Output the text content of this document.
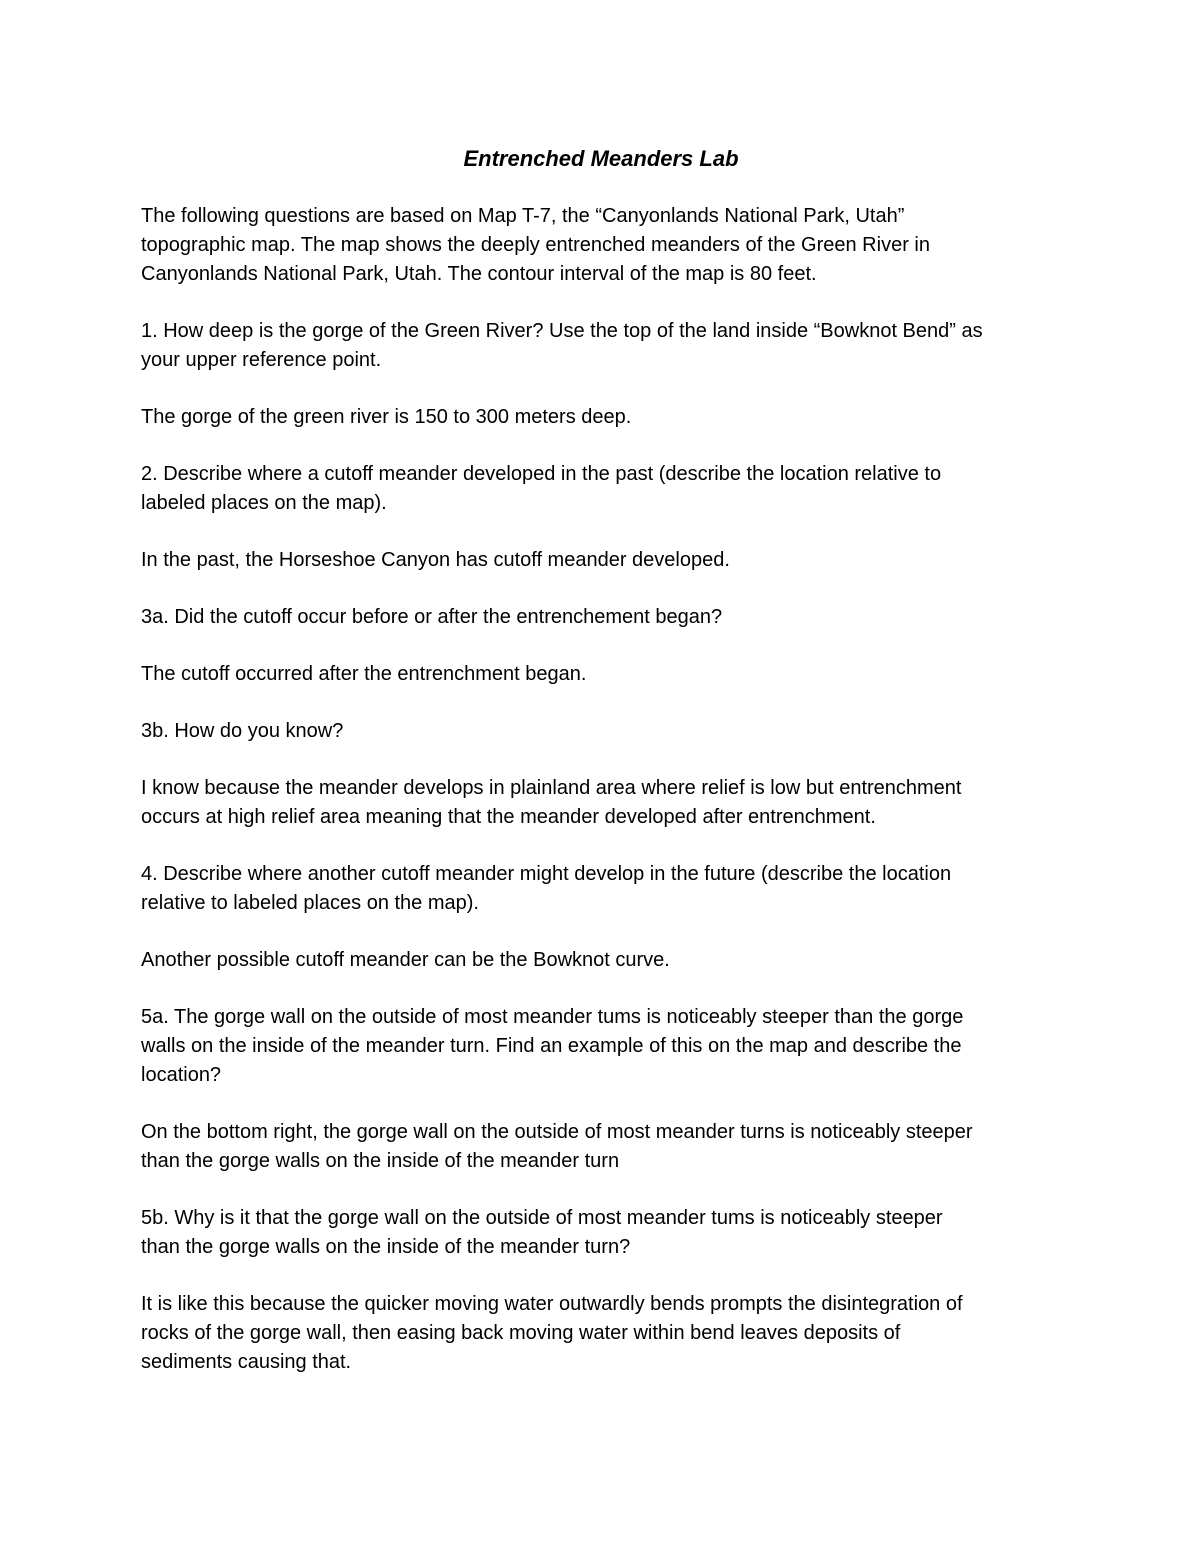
Entrenched Meanders Lab
The following questions are based on Map T-7, the “Canyonlands National Park, Utah”
topographic map. The map shows the deeply entrenched meanders of the Green River in
Canyonlands National Park, Utah. The contour interval of the map is 80 feet.
1. How deep is the gorge of the Green River? Use the top of the land inside “Bowknot Bend” as
your upper reference point.
The gorge of the green river is 150 to 300 meters deep.
2. Describe where a cutoff meander developed in the past (describe the location relative to
labeled places on the map).
In the past, the Horseshoe Canyon has cutoff meander developed.
3a. Did the cutoff occur before or after the entrenchement began?
The cutoff occurred after the entrenchment began.
3b. How do you know?
I know because the meander develops in plainland area where relief is low but entrenchment
occurs at high relief area meaning that the meander developed after entrenchment.
4. Describe where another cutoff meander might develop in the future (describe the location
relative to labeled places on the map).
Another possible cutoff meander can be the Bowknot curve.
5a. The gorge wall on the outside of most meander tums is noticeably steeper than the gorge
walls on the inside of the meander turn. Find an example of this on the map and describe the
location?
On the bottom right, the gorge wall on the outside of most meander turns is noticeably steeper
than the gorge walls on the inside of the meander turn
5b. Why is it that the gorge wall on the outside of most meander tums is noticeably steeper
than the gorge walls on the inside of the meander turn?
It is like this because the quicker moving water outwardly bends prompts the disintegration of
rocks of the gorge wall, then easing back moving water within bend leaves deposits of
sediments causing that.
